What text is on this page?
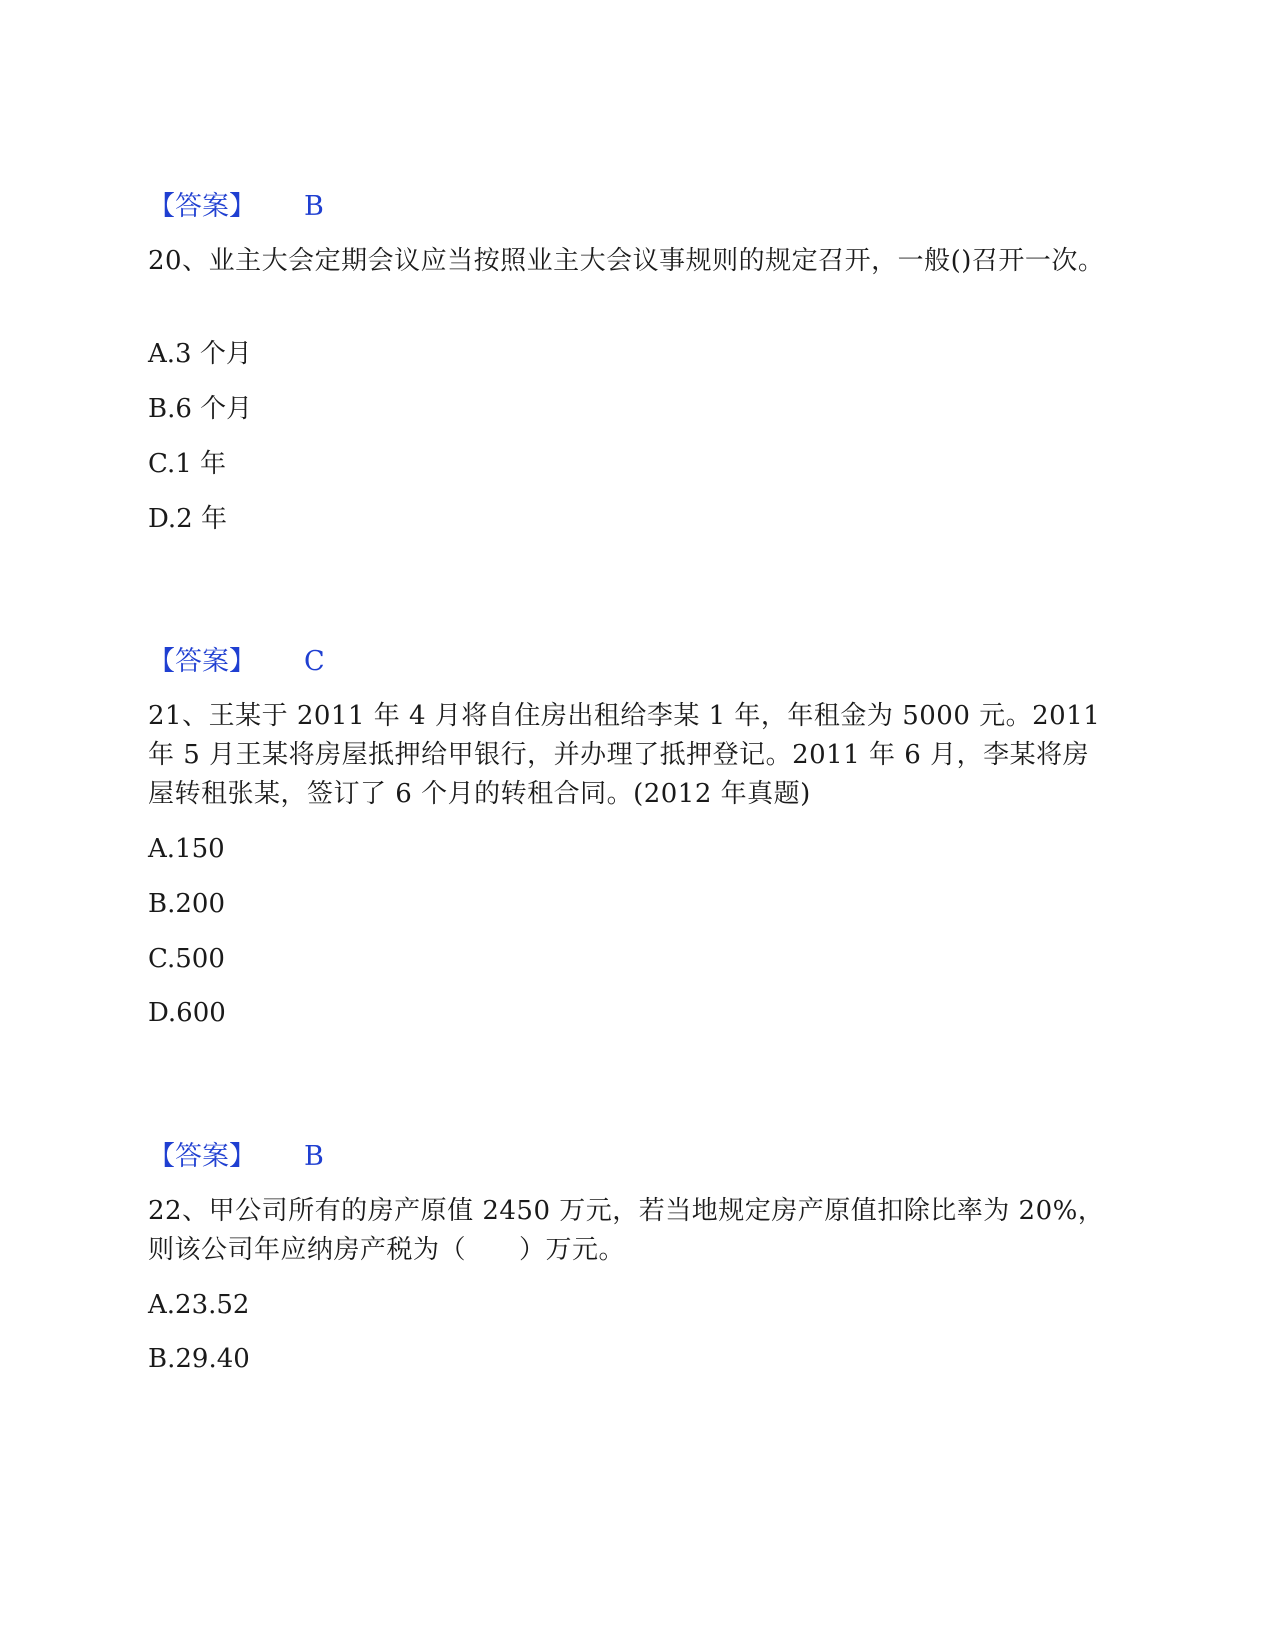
【答案】 B
20、业主大会定期会议应当按照业主大会议事规则的规定召开，一般()召开一次。
A.3 个月
B.6 个月
C.1 年
D.2 年
【答案】 C
21、王某于 2011 年 4 月将自住房出租给李某 1 年，年租金为 5000 元。2011 年 5 月王某将房屋抵押给甲银行，并办理了抵押登记。2011 年 6 月，李某将房屋转租张某，签订了 6 个月的转租合同。(2012 年真题)
A.150
B.200
C.500
D.600
【答案】 B
22、甲公司所有的房产原值 2450 万元，若当地规定房产原值扣除比率为 20%，则该公司年应纳房产税为（　　）万元。
A.23.52
B.29.40
